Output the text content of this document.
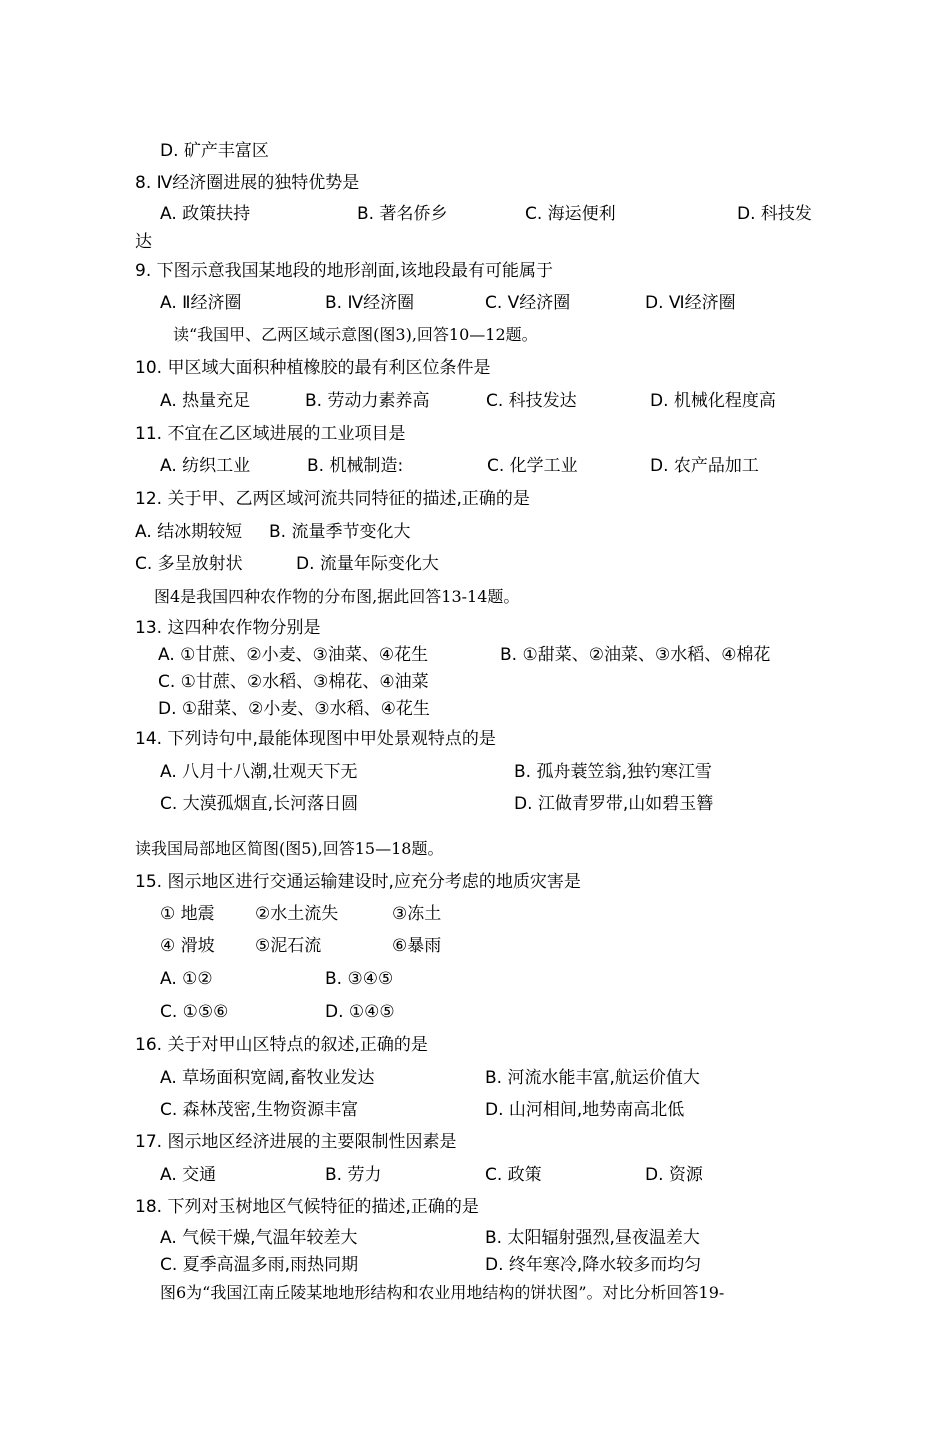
D. 矿产丰富区
8. Ⅳ经济圈进展的独特优势是
A. 政策扶持	B. 著名侨乡	C. 海运便利	D. 科技发
达
9. 下图示意我国某地段的地形剖面,该地段最有可能属于
A. Ⅱ经济圈	B. Ⅳ经济圈	C. Ⅴ经济圈	D. Ⅵ经济圈
读“我国甲、乙两区域示意图(图3),回答10—12题。
10. 甲区域大面积种植橡胶的最有利区位条件是
A. 热量充足	B. 劳动力素养高	C. 科技发达	D. 机械化程度高
11. 不宜在乙区域进展的工业项目是
A. 纺织工业	B. 机械制造:	C. 化学工业	D. 农产品加工
12. 关于甲、乙两区域河流共同特征的描述,正确的是
A. 结冰期较短 B. 流量季节变化大
C. 多呈放射状	D. 流量年际变化大
图4是我国四种农作物的分布图,据此回答13-14题。
13. 这四种农作物分别是
A. ①甘蔗、②小麦、③油菜、④花生	B. ①甜菜、②油菜、③水稻、④棉花
C. ①甘蔗、②水稻、③棉花、④油菜
D. ①甜菜、②小麦、③水稻、④花生
14. 下列诗句中,最能体现图中甲处景观特点的是
A. 八月十八潮,壮观天下无	B. 孤舟蓑笠翁,独钓寒江雪
C. 大漠孤烟直,长河落日圆	D. 江做青罗带,山如碧玉簪
读我国局部地区简图(图5),回答15—18题。
15. 图示地区进行交通运输建设时,应充分考虑的地质灾害是
① 地震 ②水土流失	③冻土
④ 滑坡 ⑤泥石流	⑥暴雨
A. ①②	B. ③④⑤
C. ①⑤⑥	D. ①④⑤
16. 关于对甲山区特点的叙述,正确的是
A. 草场面积宽阔,畜牧业发达	B. 河流水能丰富,航运价值大
C. 森林茂密,生物资源丰富	D. 山河相间,地势南高北低
17. 图示地区经济进展的主要限制性因素是
A. 交通	B. 劳力	C. 政策	D. 资源
18. 下列对玉树地区气候特征的描述,正确的是
A. 气候干燥,气温年较差大	B. 太阳辐射强烈,昼夜温差大
C. 夏季高温多雨,雨热同期	D. 终年寒冷,降水较多而均匀
图6为“我国江南丘陵某地地形结构和农业用地结构的饼状图”。对比分析回答19-
